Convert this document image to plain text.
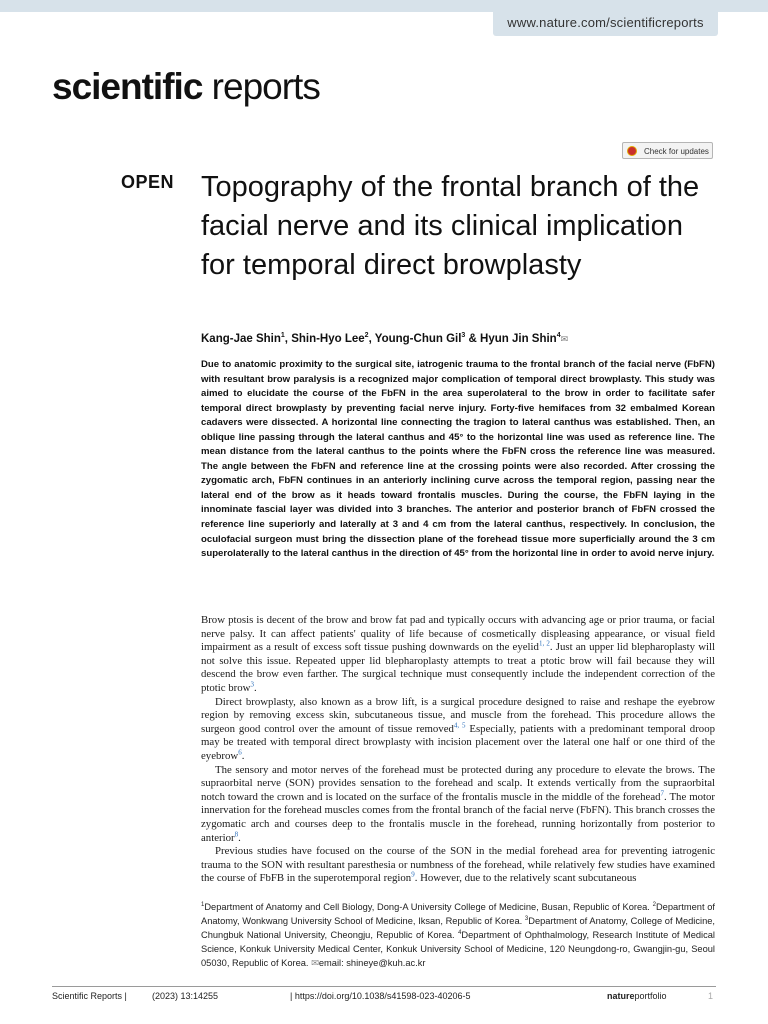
www.nature.com/scientificreports
scientific reports
Check for updates
OPEN Topography of the frontal branch of the facial nerve and its clinical implication for temporal direct browplasty
Kang-Jae Shin$^1$, Shin-Hyo Lee$^2$, Young-Chun Gil$^3$ & Hyun Jin Shin$^4$✉
Due to anatomic proximity to the surgical site, iatrogenic trauma to the frontal branch of the facial nerve (FbFN) with resultant brow paralysis is a recognized major complication of temporal direct browplasty. This study was aimed to elucidate the course of the FbFN in the area superolateral to the brow in order to facilitate safer temporal direct browplasty by preventing facial nerve injury. Forty-five hemifaces from 32 embalmed Korean cadavers were dissected. A horizontal line connecting the tragion to lateral canthus was established. Then, an oblique line passing through the lateral canthus and 45° to the horizontal line was used as reference line. The mean distance from the lateral canthus to the points where the FbFN cross the reference line was measured. The angle between the FbFN and reference line at the crossing points were also recorded. After crossing the zygomatic arch, FbFN continues in an anteriorly inclining curve across the temporal region, passing near the lateral end of the brow as it heads toward frontalis muscles. During the course, the FbFN laying in the innominate fascial layer was divided into 3 branches. The anterior and posterior branch of FbFN crossed the reference line superiorly and laterally at 3 and 4 cm from the lateral canthus, respectively. In conclusion, the oculofacial surgeon must bring the dissection plane of the forehead tissue more superficially around the 3 cm superolaterally to the lateral canthus in the direction of 45° from the horizontal line in order to avoid nerve injury.

Brow ptosis is decent of the brow and brow fat pad and typically occurs with advancing age or prior trauma, or facial nerve palsy. It can affect patients' quality of life because of cosmetically displeasing appearance, or visual field impairment as a result of excess soft tissue pushing downwards on the eyelid$^{1, 2}$. Just an upper lid blepharoplasty will not solve this issue. Repeated upper lid blepharoplasty attempts to treat a ptotic brow will fail because they will descend the brow even farther. The surgical technique must consequently include the independent correction of the ptotic brow$^3$.

Direct browplasty, also known as a brow lift, is a surgical procedure designed to raise and reshape the eyebrow region by removing excess skin, subcutaneous tissue, and muscle from the forehead. This procedure allows the surgeon good control over the amount of tissue removed$^{4, 5}$ Especially, patients with a predominant temporal droop may be treated with temporal direct browplasty with incision placement over the lateral one half or one third of the eyebrow$^6$.

The sensory and motor nerves of the forehead must be protected during any procedure to elevate the brows. The supraorbital nerve (SON) provides sensation to the forehead and scalp. It extends vertically from the supraorbital notch toward the crown and is located on the surface of the frontalis muscle in the middle of the forehead$^7$. The motor innervation for the forehead muscles comes from the frontal branch of the facial nerve (FbFN). This branch crosses the zygomatic arch and courses deep to the frontalis muscle in the forehead, running horizontally from posterior to anterior$^8$.

Previous studies have focused on the course of the SON in the medial forehead area for preventing iatrogenic trauma to the SON with resultant paresthesia or numbness of the forehead, while relatively few studies have examined the course of FbFB in the superotemporal region$^9$. However, due to the relatively scant subcutaneous

$^1$Department of Anatomy and Cell Biology, Dong-A University College of Medicine, Busan, Republic of Korea. $^2$Department of Anatomy, Wonkwang University School of Medicine, Iksan, Republic of Korea. $^3$Department of Anatomy, College of Medicine, Chungbuk National University, Cheongju, Republic of Korea. $^4$Department of Ophthalmology, Research Institute of Medical Science, Konkuk University Medical Center, Konkuk University School of Medicine, 120 Neungdong-ro, Gwangjin-gu, Seoul 05030, Republic of Korea. ✉email: shineye@kuh.ac.kr
Scientific Reports |	(2023) 13:14255	| https://doi.org/10.1038/s41598-023-40206-5	natureportfolio	1
